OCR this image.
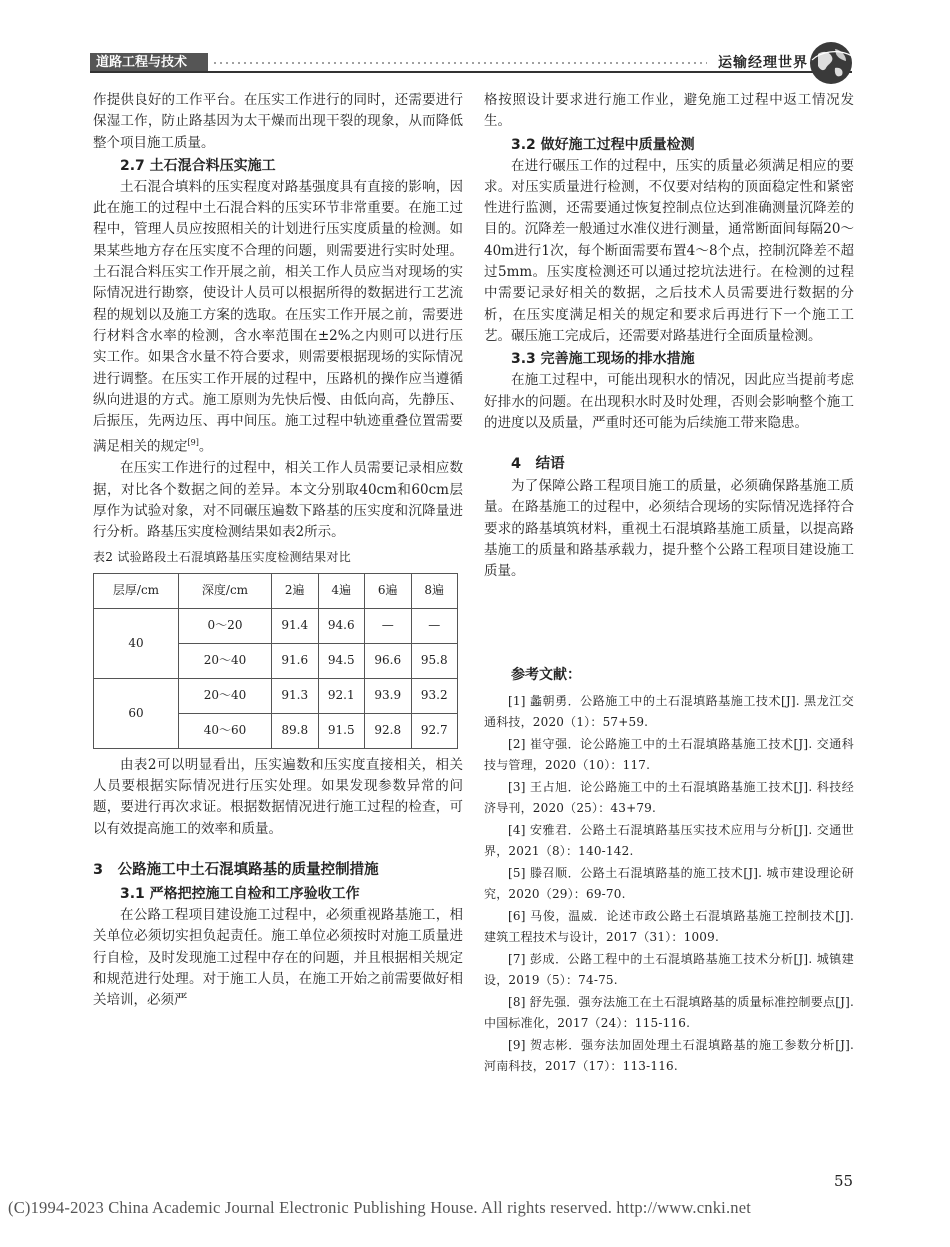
道路工程与技术	运输经理世界

作提供良好的工作平台。在压实工作进行的同时，还需要进行保湿工作，防止路基因为太干燥而出现干裂的现象，从而降低整个项目施工质量。

2.7 土石混合料压实施工

土石混合填料的压实程度对路基强度具有直接的影响，因此在施工的过程中土石混合料的压实环节非常重要。在施工过程中，管理人员应按照相关的计划进行压实度质量的检测。如果某些地方存在压实度不合理的问题，则需要进行实时处理。土石混合料压实工作开展之前，相关工作人员应当对现场的实际情况进行勘察，使设计人员可以根据所得的数据进行工艺流程的规划以及施工方案的选取。在压实工作开展之前，需要进行材料含水率的检测，含水率范围在±2%之内则可以进行压实工作。如果含水量不符合要求，则需要根据现场的实际情况进行调整。在压实工作开展的过程中，压路机的操作应当遵循纵向进退的方式。施工原则为先快后慢、由低向高，先静压、后振压，先两边压、再中间压。施工过程中轨迹重叠位置需要满足相关的规定[9]。

在压实工作进行的过程中，相关工作人员需要记录相应数据，对比各个数据之间的差异。本文分别取40cm和60cm层厚作为试验对象，对不同碾压遍数下路基的压实度和沉降量进行分析。路基压实度检测结果如表2所示。

表2 试验路段土石混填路基压实度检测结果对比
层厚/cm	深度/cm	2遍	4遍	6遍	8遍
40	0～20	91.4	94.6	—	—
	20～40	91.6	94.5	96.6	95.8
60	20～40	91.3	92.1	93.9	93.2
	40～60	89.8	91.5	92.8	92.7

由表2可以明显看出，压实遍数和压实度直接相关，相关人员要根据实际情况进行压实处理。如果发现参数异常的问题，要进行再次求证。根据数据情况进行施工过程的检查，可以有效提高施工的效率和质量。

3　公路施工中土石混填路基的质量控制措施
3.1 严格把控施工自检和工序验收工作

在公路工程项目建设施工过程中，必须重视路基施工，相关单位必须切实担负起责任。施工单位必须按时对施工质量进行自检，及时发现施工过程中存在的问题，并且根据相关规定和规范进行处理。对于施工人员，在施工开始之前需要做好相关培训，必须严

格按照设计要求进行施工作业，避免施工过程中返工情况发生。

3.2 做好施工过程中质量检测

在进行碾压工作的过程中，压实的质量必须满足相应的要求。对压实质量进行检测，不仅要对结构的顶面稳定性和紧密性进行监测，还需要通过恢复控制点位达到准确测量沉降差的目的。沉降差一般通过水准仪进行测量，通常断面间每隔20～40m进行1次，每个断面需要布置4～8个点，控制沉降差不超过5mm。压实度检测还可以通过挖坑法进行。在检测的过程中需要记录好相关的数据，之后技术人员需要进行数据的分析，在压实度满足相关的规定和要求后再进行下一个施工工艺。碾压施工完成后，还需要对路基进行全面质量检测。

3.3 完善施工现场的排水措施

在施工过程中，可能出现积水的情况，因此应当提前考虑好排水的问题。在出现积水时及时处理，否则会影响整个施工的进度以及质量，严重时还可能为后续施工带来隐患。

4　结语

为了保障公路工程项目施工的质量，必须确保路基施工质量。在路基施工的过程中，必须结合现场的实际情况选择符合要求的路基填筑材料，重视土石混填路基施工质量，以提高路基施工的质量和路基承载力，提升整个公路工程项目建设施工质量。

参考文献：

[1] 蠡朝勇．公路施工中的土石混填路基施工技术[J]. 黑龙江交通科技，2020（1）：57+59.

[2] 崔守强．论公路施工中的土石混填路基施工技术[J]. 交通科技与管理，2020（10）：117.

[3] 王占旭．论公路施工中的土石混填路基施工技术[J]. 科技经济导刊，2020（25）：43+79.

[4] 安雅君．公路土石混填路基压实技术应用与分析[J]. 交通世界，2021（8）：140-142.

[5] 滕召顺．公路土石混填路基的施工技术[J]. 城市建设理论研究，2020（29）：69-70.

[6] 马俊，温威．论述市政公路土石混填路基施工控制技术[J]. 建筑工程技术与设计，2017（31）：1009.

[7] 彭成．公路工程中的土石混填路基施工技术分析[J]. 城镇建设，2019（5）：74-75.

[8] 舒先强．强夯法施工在土石混填路基的质量标准控制要点[J]. 中国标准化，2017（24）：115-116.

[9] 贺志彬．强夯法加固处理土石混填路基的施工参数分析[J]. 河南科技，2017（17）：113-116.

55
(C)1994-2023 China Academic Journal Electronic Publishing House. All rights reserved. http://www.cnki.net
